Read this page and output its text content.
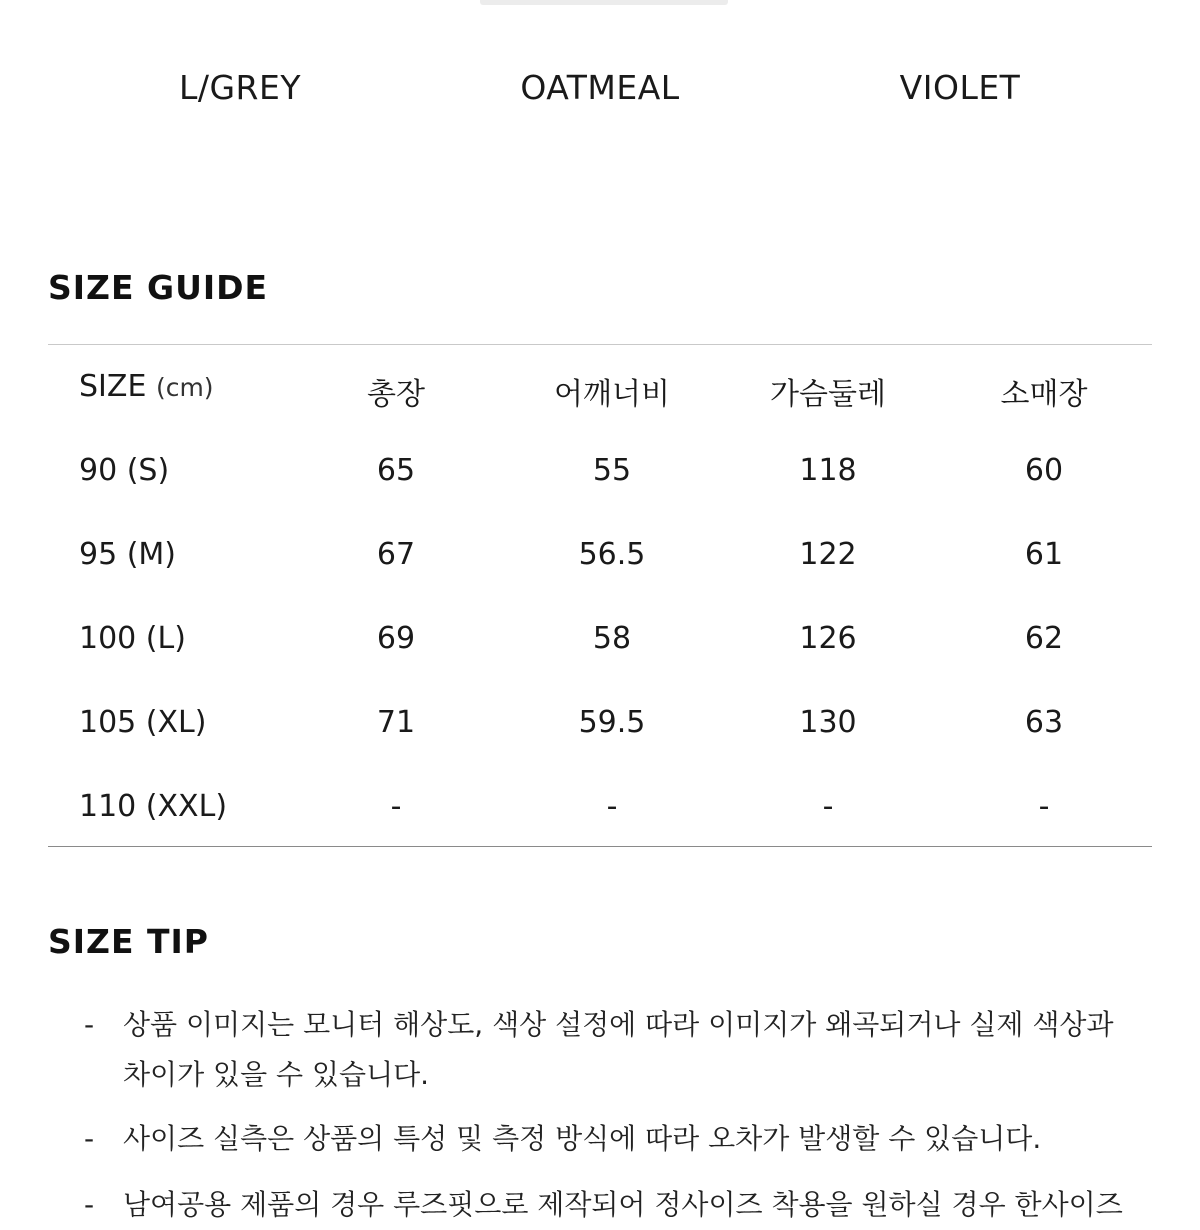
L/GREY	OATMEAL	VIOLET
SIZE GUIDE
SIZE (cm)	총장	어깨너비	가슴둘레	소매장
90 (S)	65	55	118	60
95 (M)	67	56.5	122	61
100 (L)	69	58	126	62
105 (XL)	71	59.5	130	63
110 (XXL)	-	-	-	-
SIZE TIP
- 상품 이미지는 모니터 해상도, 색상 설정에 따라 이미지가 왜곡되거나 실제 색상과 차이가 있을 수 있습니다.
- 사이즈 실측은 상품의 특성 및 측정 방식에 따라 오차가 발생할 수 있습니다.
- 남여공용 제품의 경우 루즈핏으로 제작되어 정사이즈 착용을 원하실 경우 한사이즈
